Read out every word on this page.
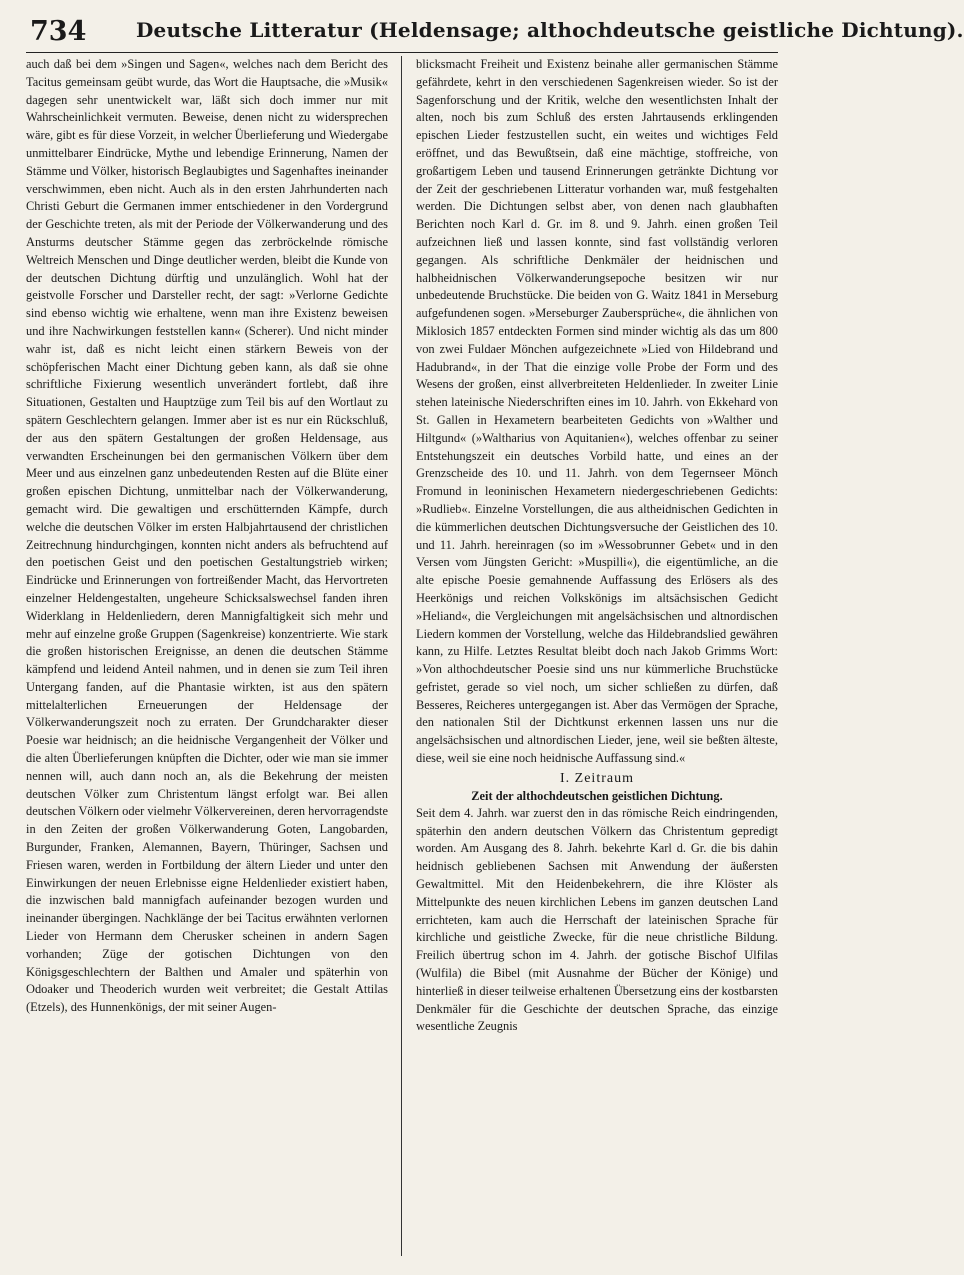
734 Deutsche Litteratur (Heldensage; althochdeutsche geistliche Dichtung).

auch daß bei dem »Singen und Sagen«, welches nach dem Bericht des Tacitus gemeinsam geübt wurde, das Wort die Hauptsache, die »Musik« dagegen sehr unentwickelt war, läßt sich doch immer nur mit Wahrscheinlichkeit vermuten. Beweise, denen nicht zu widersprechen wäre, gibt es für diese Vorzeit, in welcher Überlieferung und Wiedergabe unmittelbarer Eindrücke, Mythe und lebendige Erinnerung, Namen der Stämme und Völker, historisch Beglaubigtes und Sagenhaftes ineinander verschwimmen, eben nicht. Auch als in den ersten Jahrhunderten nach Christi Geburt die Germanen immer entschiedener in den Vordergrund der Geschichte treten, als mit der Periode der Völkerwanderung und des Ansturms deutscher Stämme gegen das zerbröckelnde römische Weltreich Menschen und Dinge deutlicher werden, bleibt die Kunde von der deutschen Dichtung dürftig und unzulänglich. Wohl hat der geistvolle Forscher und Darsteller recht, der sagt: »Verlorne Gedichte sind ebenso wichtig wie erhaltene, wenn man ihre Existenz beweisen und ihre Nachwirkungen feststellen kann« (Scherer). Und nicht minder wahr ist, daß es nicht leicht einen stärkern Beweis von der schöpferischen Macht einer Dichtung geben kann, als daß sie ohne schriftliche Fixierung wesentlich unverändert fortlebt, daß ihre Situationen, Gestalten und Hauptzüge zum Teil bis auf den Wortlaut zu spätern Geschlechtern gelangen. Immer aber ist es nur ein Rückschluß, der aus den spätern Gestaltungen der großen Heldensage, aus verwandten Erscheinungen bei den germanischen Völkern über dem Meer und aus einzelnen ganz unbedeutenden Resten auf die Blüte einer großen epischen Dichtung, unmittelbar nach der Völkerwanderung, gemacht wird. Die gewaltigen und erschütternden Kämpfe, durch welche die deutschen Völker im ersten Halbjahrtausend der christlichen Zeitrechnung hindurchgingen, konnten nicht anders als befruchtend auf den poetischen Geist und den poetischen Gestaltungstrieb wirken; Eindrücke und Erinnerungen von fortreißender Macht, das Hervortreten einzelner Heldengestalten, ungeheure Schicksalswechsel fanden ihren Widerklang in Heldenliedern, deren Mannigfaltigkeit sich mehr und mehr auf einzelne große Gruppen (Sagenkreise) konzentrierte. Wie stark die großen historischen Ereignisse, an denen die deutschen Stämme kämpfend und leidend Anteil nahmen, und in denen sie zum Teil ihren Untergang fanden, auf die Phantasie wirkten, ist aus den spätern mittelalterlichen Erneuerungen der Heldensage der Völkerwanderungszeit noch zu erraten. Der Grundcharakter dieser Poesie war heidnisch; an die heidnische Vergangenheit der Völker und die alten Überlieferungen knüpften die Dichter, oder wie man sie immer nennen will, auch dann noch an, als die Bekehrung der meisten deutschen Völker zum Christentum längst erfolgt war. Bei allen deutschen Völkern oder vielmehr Völkervereinen, deren hervorragendste in den Zeiten der großen Völkerwanderung Goten, Langobarden, Burgunder, Franken, Alemannen, Bayern, Thüringer, Sachsen und Friesen waren, werden in Fortbildung der ältern Lieder und unter den Einwirkungen der neuen Erlebnisse eigne Heldenlieder existiert haben, die inzwischen bald mannigfach aufeinander bezogen wurden und ineinander übergingen. Nachklänge der bei Tacitus erwähnten verlornen Lieder von Hermann dem Cherusker scheinen in andern Sagen vorhanden; Züge der gotischen Dichtungen von den Königsgeschlechtern der Balthen und Amaler und späterhin von Odoaker und Theoderich wurden weit verbreitet; die Gestalt Attilas (Etzels), des Hunnenkönigs, der mit seiner Augen-

blicksmacht Freiheit und Existenz beinahe aller germanischen Stämme gefährdete, kehrt in den verschiedenen Sagenkreisen wieder. So ist der Sagenforschung und der Kritik, welche den wesentlichsten Inhalt der alten, noch bis zum Schluß des ersten Jahrtausends erklingenden epischen Lieder festzustellen sucht, ein weites und wichtiges Feld eröffnet, und das Bewußtsein, daß eine mächtige, stoffreiche, von großartigem Leben und tausend Erinnerungen getränkte Dichtung vor der Zeit der geschriebenen Litteratur vorhanden war, muß festgehalten werden. Die Dichtungen selbst aber, von denen nach glaubhaften Berichten noch Karl d. Gr. im 8. und 9. Jahrh. einen großen Teil aufzeichnen ließ und lassen konnte, sind fast vollständig verloren gegangen. Als schriftliche Denkmäler der heidnischen und halbheidnischen Völkerwanderungsepoche besitzen wir nur unbedeutende Bruchstücke. Die beiden von G. Waitz 1841 in Merseburg aufgefundenen sogen. »Merseburger Zaubersprüche«, die ähnlichen von Miklosich 1857 entdeckten Formen sind minder wichtig als das um 800 von zwei Fuldaer Mönchen aufgezeichnete »Lied von Hildebrand und Hadubrand«, in der That die einzige volle Probe der Form und des Wesens der großen, einst allverbreiteten Heldenlieder. In zweiter Linie stehen lateinische Niederschriften eines im 10. Jahrh. von Ekkehard von St. Gallen in Hexametern bearbeiteten Gedichts von »Walther und Hiltgund« (»Waltharius von Aquitanien«), welches offenbar zu seiner Entstehungszeit ein deutsches Vorbild hatte, und eines an der Grenzscheide des 10. und 11. Jahrh. von dem Tegernseer Mönch Fromund in leoninischen Hexametern niedergeschriebenen Gedichts: »Rudlieb«. Einzelne Vorstellungen, die aus altheidnischen Gedichten in die kümmerlichen deutschen Dichtungsversuche der Geistlichen des 10. und 11. Jahrh. hereinragen (so im »Wessobrunner Gebet« und in den Versen vom Jüngsten Gericht: »Muspilli«), die eigentümliche, an die alte epische Poesie gemahnende Auffassung des Erlösers als des Heerkönigs und reichen Volkskönigs im altsächsischen Gedicht »Heliand«, die Vergleichungen mit angelsächsischen und altnordischen Liedern kommen der Vorstellung, welche das Hildebrandslied gewähren kann, zu Hilfe. Letztes Resultat bleibt doch nach Jakob Grimms Wort: »Von althochdeutscher Poesie sind uns nur kümmerliche Bruchstücke gefristet, gerade so viel noch, um sicher schließen zu dürfen, daß Besseres, Reicheres untergegangen ist. Aber das Vermögen der Sprache, den nationalen Stil der Dichtkunst erkennen lassen uns nur die angelsächsischen und altnordischen Lieder, jene, weil sie beßten älteste, diese, weil sie eine noch heidnische Auffassung sind.«

I. Zeitraum
Zeit der althochdeutschen geistlichen Dichtung.

Seit dem 4. Jahrh. war zuerst den in das römische Reich eindringenden, späterhin den andern deutschen Völkern das Christentum gepredigt worden. Am Ausgang des 8. Jahrh. bekehrte Karl d. Gr. die bis dahin heidnisch gebliebenen Sachsen mit Anwendung der äußersten Gewaltmittel. Mit den Heidenbekehrern, die ihre Klöster als Mittelpunkte des neuen kirchlichen Lebens im ganzen deutschen Land errichteten, kam auch die Herrschaft der lateinischen Sprache für kirchliche und geistliche Zwecke, für die neue christliche Bildung. Freilich übertrug schon im 4. Jahrh. der gotische Bischof Ulfilas (Wulfila) die Bibel (mit Ausnahme der Bücher der Könige) und hinterließ in dieser teilweise erhaltenen Übersetzung eins der kostbarsten Denkmäler für die Geschichte der deutschen Sprache, das einzige wesentliche Zeugnis
